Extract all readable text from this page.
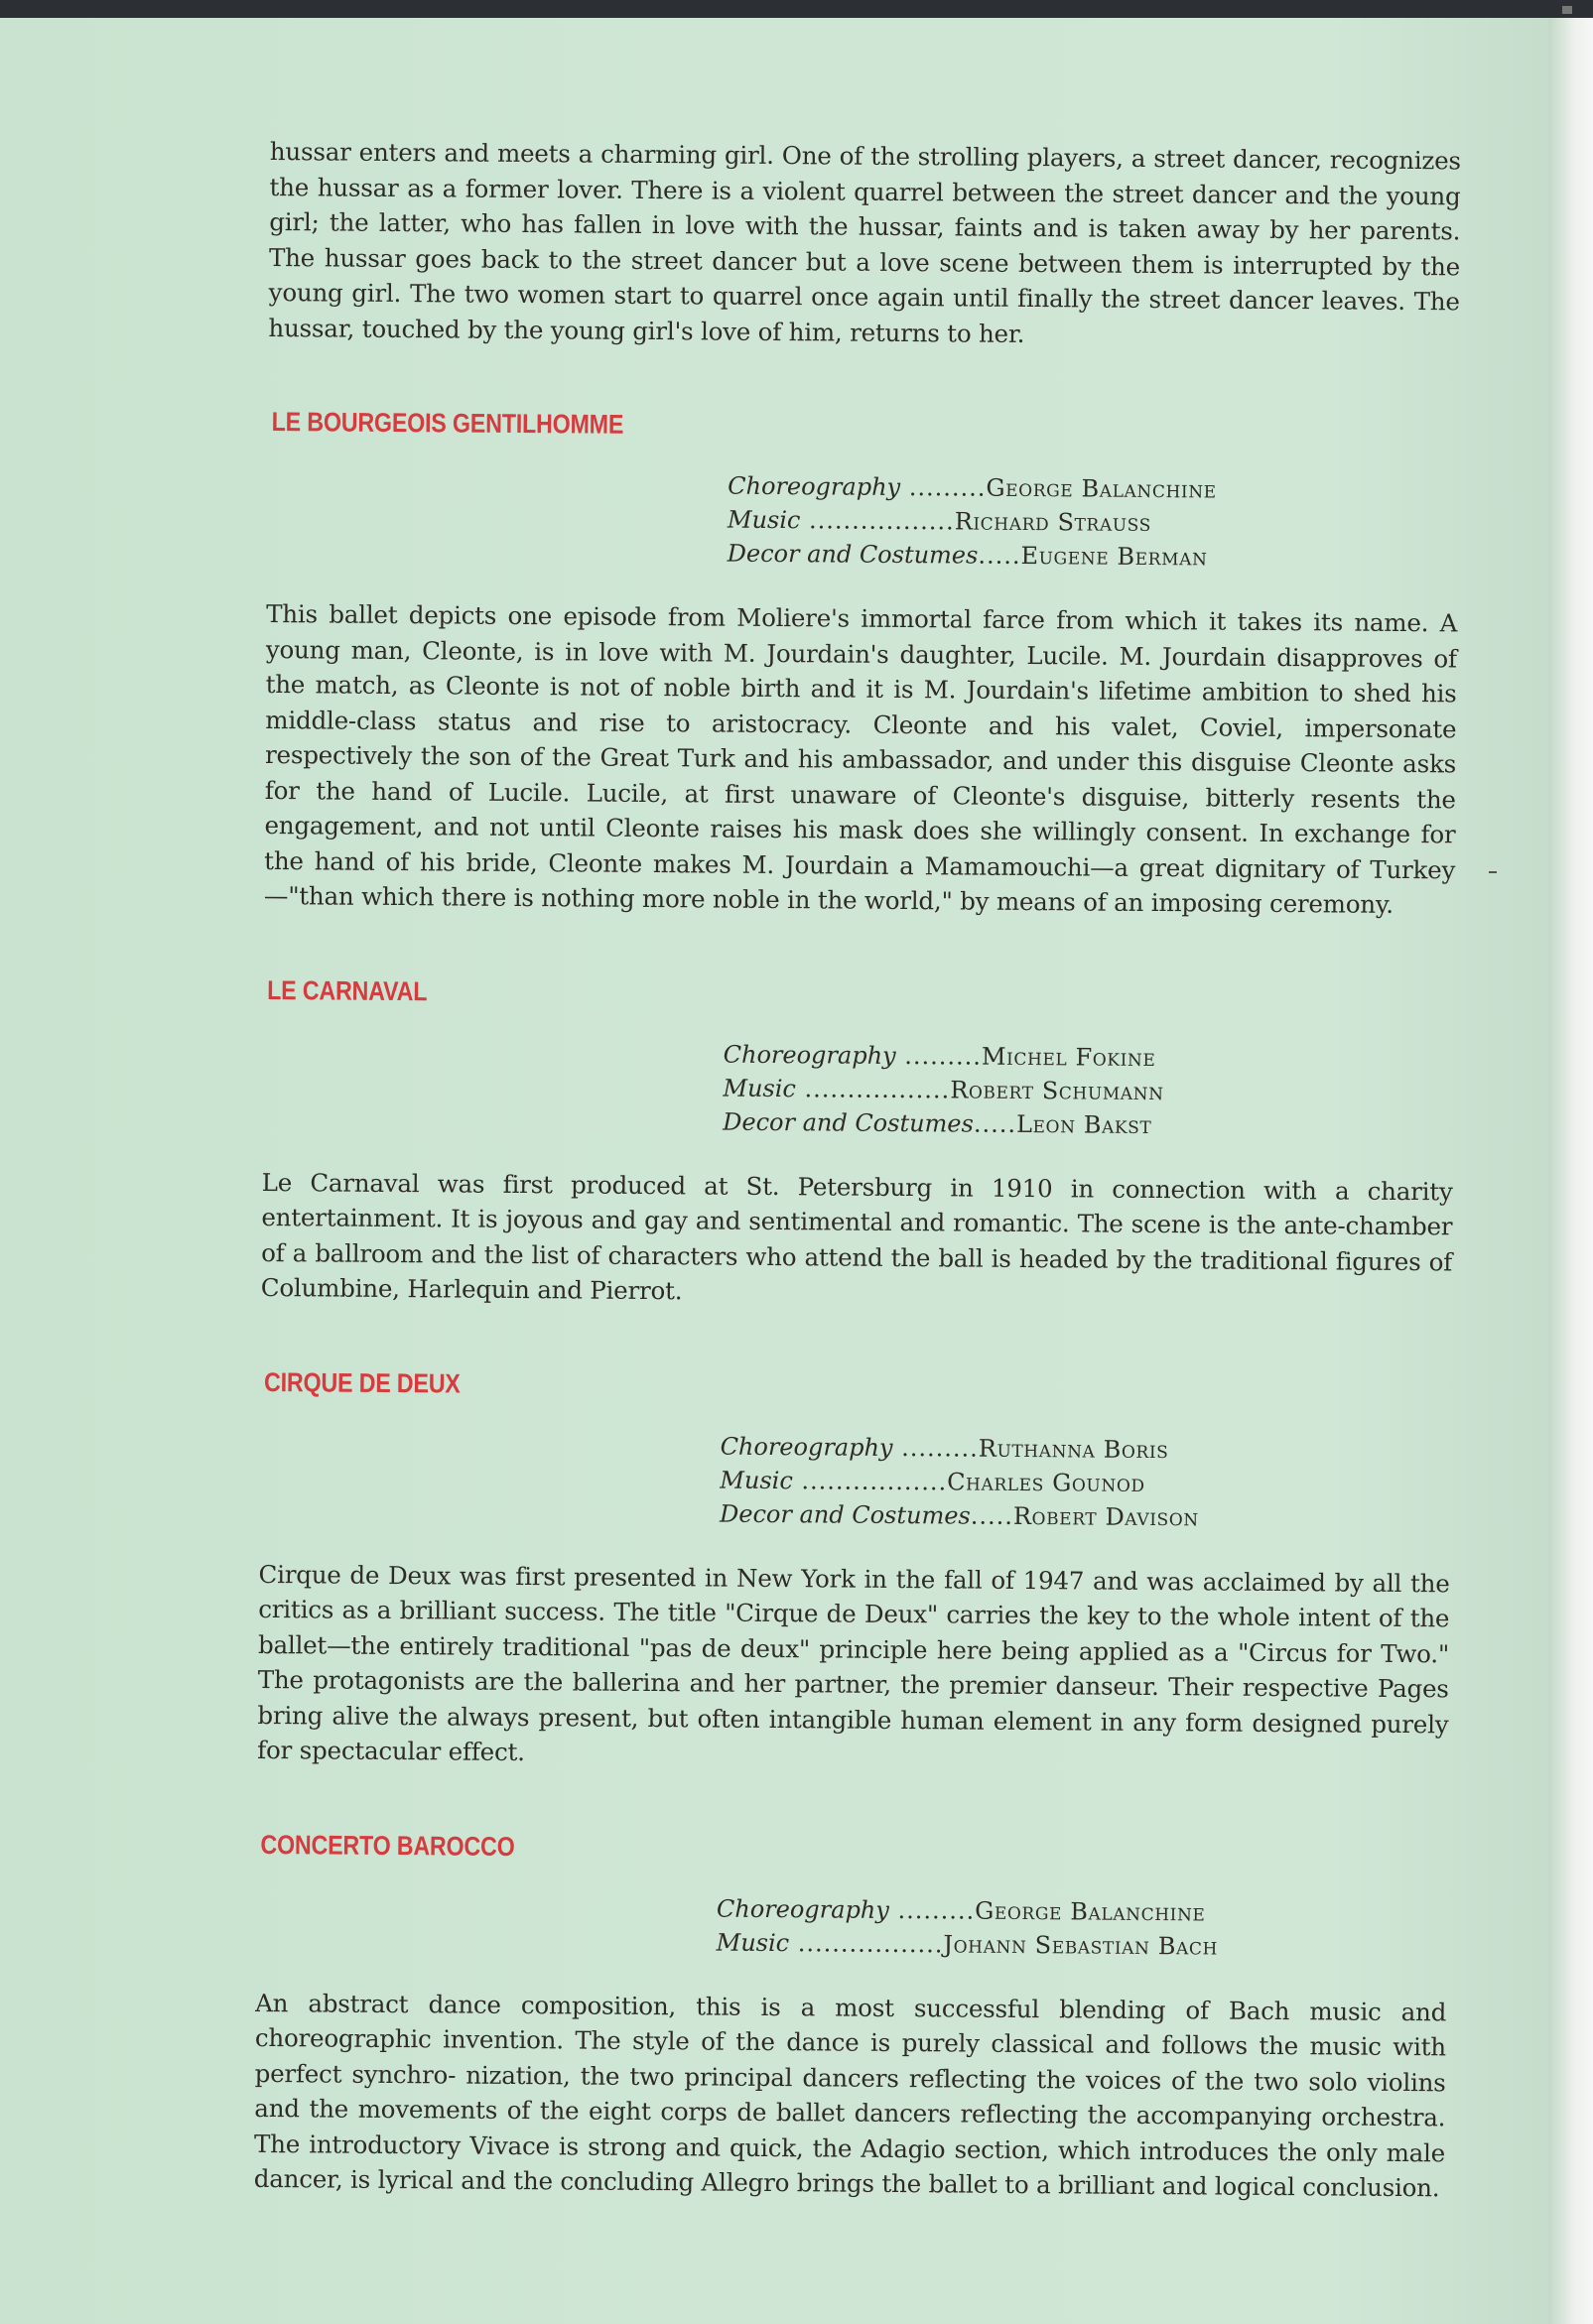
hussar enters and meets a charming girl. One of the strolling players, a street dancer, recognizes the hussar as a former lover. There is a violent quarrel between the street dancer and the young girl; the latter, who has fallen in love with the hussar, faints and is taken away by her parents. The hussar goes back to the street dancer but a love scene between them is interrupted by the young girl. The two women start to quarrel once again until finally the street dancer leaves. The hussar, touched by the young girl's love of him, returns to her.

LE BOURGEOIS GENTILHOMME
Choreography .........George Balanchine
Music .................Richard Strauss
Decor and Costumes.....Eugene Berman

This ballet depicts one episode from Moliere's immortal farce from which it takes its name. A young man, Cleonte, is in love with M. Jourdain's daughter, Lucile. M. Jourdain disapproves of the match, as Cleonte is not of noble birth and it is M. Jourdain's lifetime ambition to shed his middle-class status and rise to aristocracy. Cleonte and his valet, Coviel, impersonate respectively the son of the Great Turk and his ambassador, and under this disguise Cleonte asks for the hand of Lucile. Lucile, at first unaware of Cleonte's disguise, bitterly resents the engagement, and not until Cleonte raises his mask does she willingly consent. In exchange for the hand of his bride, Cleonte makes M. Jourdain a Mamamouchi—a great dignitary of Turkey—"than which there is nothing more noble in the world," by means of an imposing ceremony.

LE CARNAVAL
Choreography .........Michel Fokine
Music .................Robert Schumann
Decor and Costumes.....Leon Bakst

Le Carnaval was first produced at St. Petersburg in 1910 in connection with a charity entertainment. It is joyous and gay and sentimental and romantic. The scene is the ante-chamber of a ballroom and the list of characters who attend the ball is headed by the traditional figures of Columbine, Harlequin and Pierrot.

CIRQUE DE DEUX
Choreography .........Ruthanna Boris
Music .................Charles Gounod
Decor and Costumes.....Robert Davison

Cirque de Deux was first presented in New York in the fall of 1947 and was acclaimed by all the critics as a brilliant success. The title "Cirque de Deux" carries the key to the whole intent of the ballet—the entirely traditional "pas de deux" principle here being applied as a "Circus for Two." The protagonists are the ballerina and her partner, the premier danseur. Their respective Pages bring alive the always present, but often intangible human element in any form designed purely for spectacular effect.

CONCERTO BAROCCO
Choreography .........George Balanchine
Music .................Johann Sebastian Bach

An abstract dance composition, this is a most successful blending of Bach music and choreographic invention. The style of the dance is purely classical and follows the music with perfect synchro- nization, the two principal dancers reflecting the voices of the two solo violins and the movements of the eight corps de ballet dancers reflecting the accompanying orchestra. The introductory Vivace is strong and quick, the Adagio section, which introduces the only male dancer, is lyrical and the concluding Allegro brings the ballet to a brilliant and logical conclusion.
